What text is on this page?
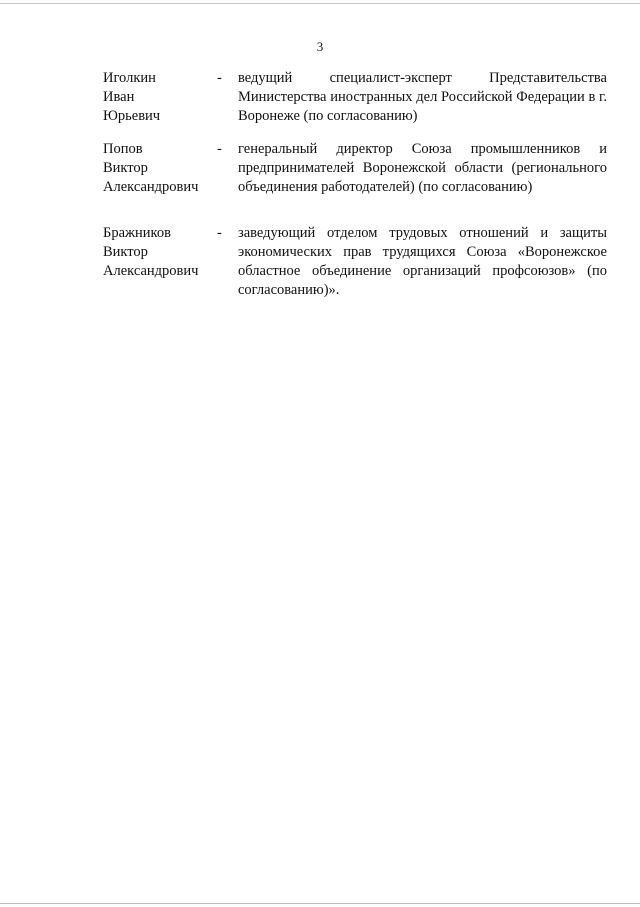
3
Иголкин
Иван
Юрьевич
- ведущий специалист-эксперт Представительства Министерства иностранных дел Российской Федерации в г. Воронеже (по согласованию)
Попов
Виктор
Александрович
- генеральный директор Союза промышленников и предпринимателей Воронежской области (регионального объединения работодателей) (по согласованию)
Бражников
Виктор
Александрович
- заведующий отделом трудовых отношений и защиты экономических прав трудящихся Союза «Воронежское областное объединение организаций профсоюзов» (по согласованию)».
